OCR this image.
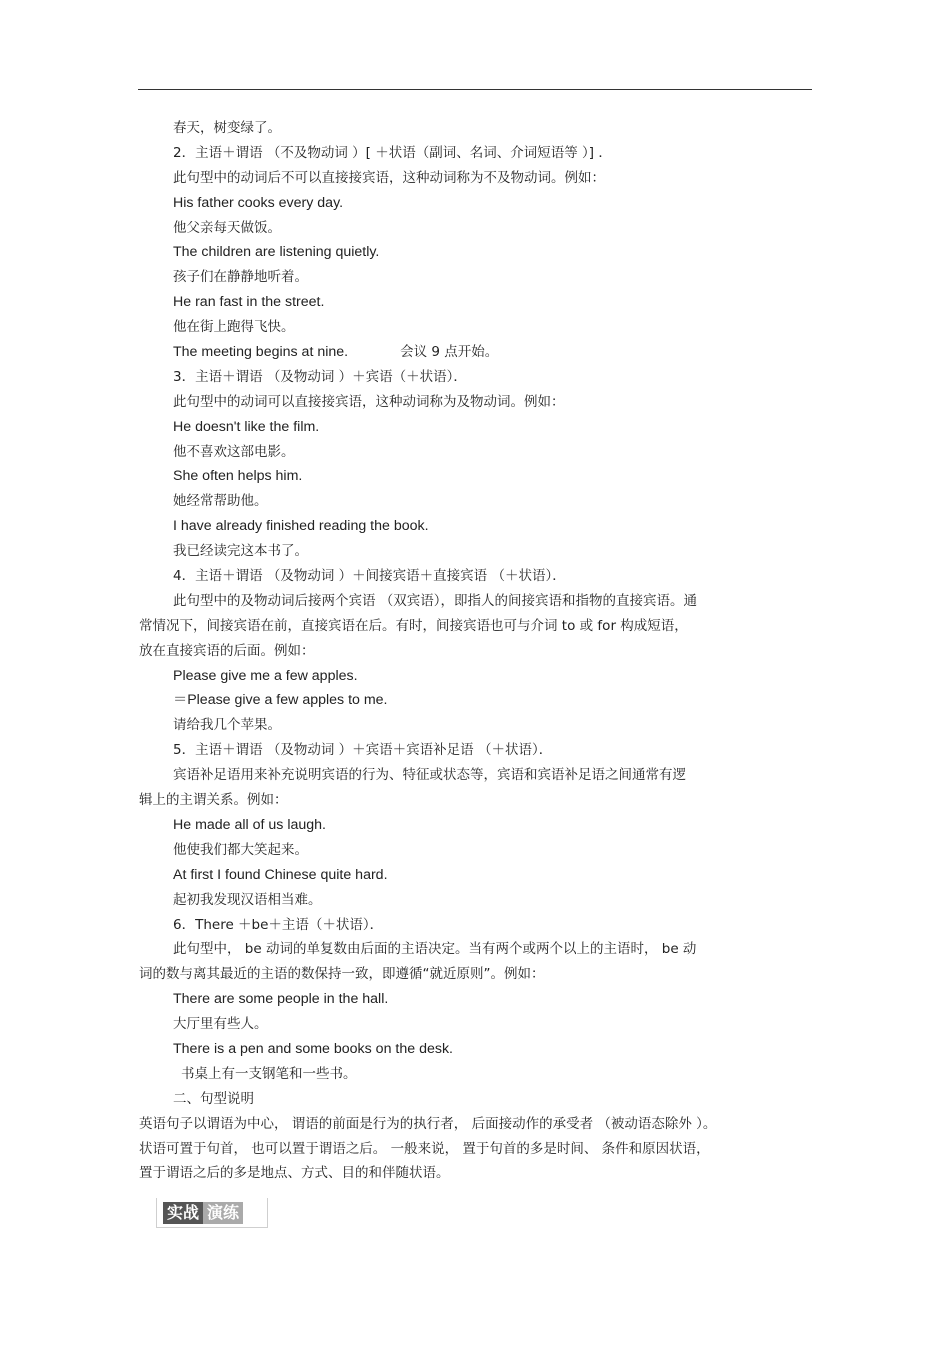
春天，树变绿了。
2．主语＋谓语 （不及物动词 ）[ ＋状语（副词、名词、介词短语等 ）] ．
此句型中的动词后不可以直接接宾语，这种动词称为不及物动词。例如：
His father cooks every day.
他父亲每天做饭。
The children are listening quietly.
孩子们在静静地听着。
He ran fast in the street.
他在街上跑得飞快。
The meeting begins at nine.	会议 9 点开始。
3．主语＋谓语 （及物动词 ）＋宾语（＋状语）．
此句型中的动词可以直接接宾语，这种动词称为及物动词。例如：
He doesn't like the film.
他不喜欢这部电影。
She often helps him.
她经常帮助他。
I have already finished reading the book.
我已经读完这本书了。
4．主语＋谓语 （及物动词 ）＋间接宾语＋直接宾语 （＋状语）．
此句型中的及物动词后接两个宾语 （双宾语），即指人的间接宾语和指物的直接宾语。通
常情况下，间接宾语在前，直接宾语在后。有时，间接宾语也可与介词 to 或 for 构成短语，
放在直接宾语的后面。例如：
Please give me a few apples.
＝Please give a few apples to me.
请给我几个苹果。
5．主语＋谓语 （及物动词 ）＋宾语＋宾语补足语 （＋状语）．
宾语补足语用来补充说明宾语的行为、特征或状态等，宾语和宾语补足语之间通常有逻
辑上的主谓关系。例如：
He made all of us laugh.
他使我们都大笑起来。
At first I found Chinese quite hard.
起初我发现汉语相当难。
6．There ＋be＋主语（＋状语）．
此句型中， be 动词的单复数由后面的主语决定。当有两个或两个以上的主语时， be 动
词的数与离其最近的主语的数保持一致，即遵循“就近原则”。例如：
There are some people in the hall.
大厅里有些人。
There is a pen and some books on the desk.
书桌上有一支钢笔和一些书。
二、句型说明
英语句子以谓语为中心， 谓语的前面是行为的执行者， 后面接动作的承受者 （被动语态除外 ）。
状语可置于句首， 也可以置于谓语之后。 一般来说， 置于句首的多是时间、 条件和原因状语，
置于谓语之后的多是地点、方式、目的和伴随状语。
实战 演练
